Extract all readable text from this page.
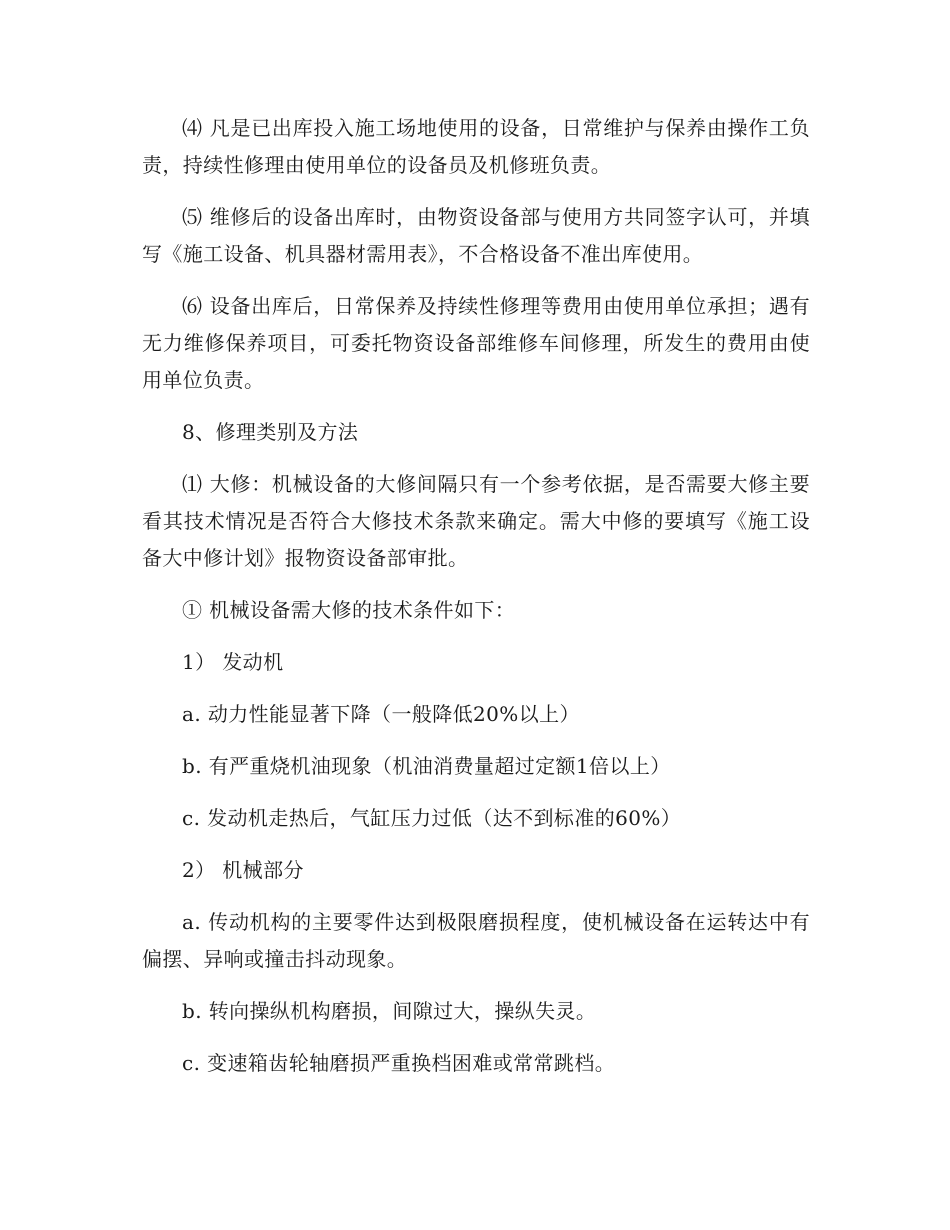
⑷ 凡是已出库投入施工场地使用的设备，日常维护与保养由操作工负责，持续性修理由使用单位的设备员及机修班负责。

⑸ 维修后的设备出库时，由物资设备部与使用方共同签字认可，并填写《施工设备、机具器材需用表》，不合格设备不准出库使用。

⑹ 设备出库后，日常保养及持续性修理等费用由使用单位承担；遇有无力维修保养项目，可委托物资设备部维修车间修理，所发生的费用由使用单位负责。

8、修理类别及方法

⑴ 大修：机械设备的大修间隔只有一个参考依据，是否需要大修主要看其技术情况是否符合大修技术条款来确定。需大中修的要填写《施工设备大中修计划》报物资设备部审批。

① 机械设备需大修的技术条件如下：

1） 发动机

a. 动力性能显著下降（一般降低20%以上）

b. 有严重烧机油现象（机油消费量超过定额1倍以上）

c. 发动机走热后，气缸压力过低（达不到标准的60%）

2） 机械部分

a. 传动机构的主要零件达到极限磨损程度，使机械设备在运转达中有偏摆、异响或撞击抖动现象。

b. 转向操纵机构磨损，间隙过大，操纵失灵。

c. 变速箱齿轮轴磨损严重换档困难或常常跳档。
